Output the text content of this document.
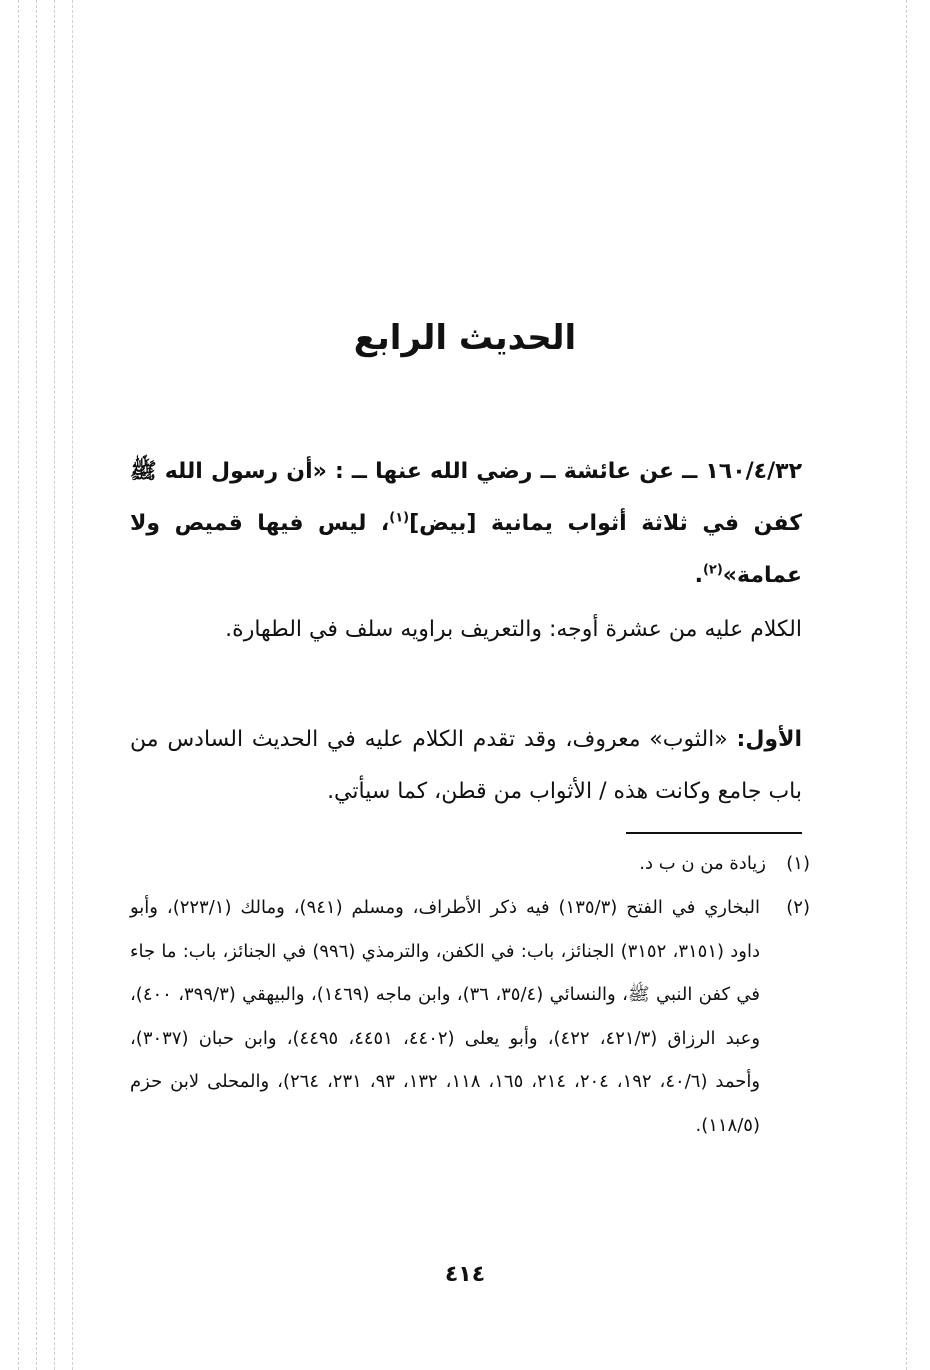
الحديث الرابع

١٦٠/٤/٣٢ ــ عن عائشة ــ رضي الله عنها ــ : «أن رسول الله ﷺ كفن في ثلاثة أثواب يمانية [بيض]$^{(١)}$، ليس فيها قميص ولا عمامة»$^{(٢)}$.

الكلام عليه من عشرة أوجه: والتعريف براويه سلف في الطهارة.

الأول: «الثوب» معروف، وقد تقدم الكلام عليه في الحديث السادس من باب جامع وكانت هذه / الأثواب من قطن، كما سيأتي.

(١)زيادة من ن ب د.
(٢)
البخاري في الفتح (١٣٥/٣) فيه ذكر الأطراف، ومسلم (٩٤١)، ومالك (٢٢٣/١)، وأبو داود (٣١٥١، ٣١٥٢) الجنائز، باب: في الكفن، والترمذي (٩٩٦) في الجنائز، باب: ما جاء في كفن النبي ﷺ، والنسائي (٣٥/٤، ٣٦)، وابن ماجه (١٤٦٩)، والبيهقي (٣٩٩/٣، ٤٠٠)، وعبد الرزاق (٤٢١/٣، ٤٢٢)، وأبو يعلى (٤٤٠٢، ٤٤٥١، ٤٤٩٥)، وابن حبان (٣٠٣٧)، وأحمد (٤٠/٦، ١٩٢، ٢٠٤، ٢١٤، ١٦٥، ١١٨، ١٣٢، ٩٣، ٢٣١، ٢٦٤)، والمحلى لابن حزم (١١٨/٥).
٤١٤
